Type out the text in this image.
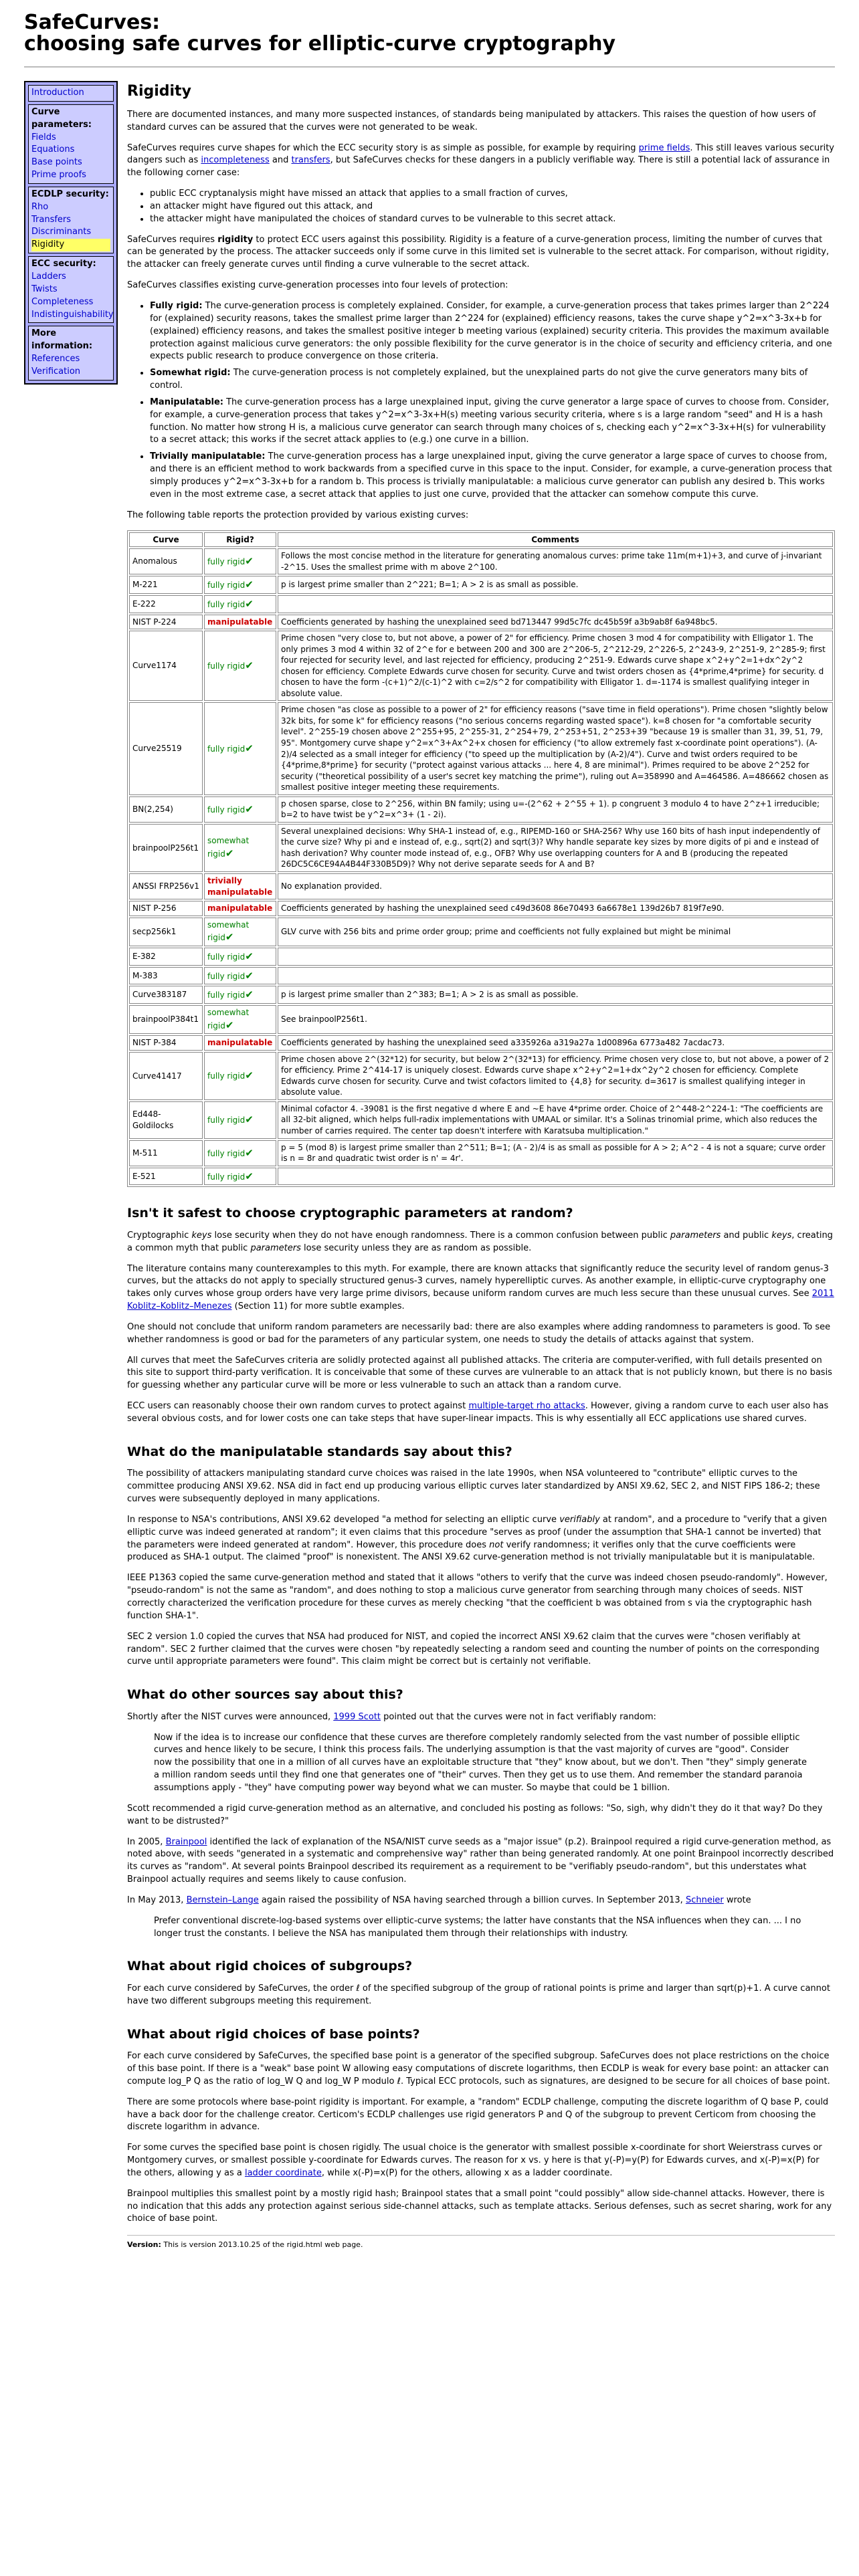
SafeCurves:
choosing safe curves for elliptic-curve cryptography
Introduction
Curve parameters:
Fields
Equations
Base points
Prime proofs
ECDLP security:
Rho
Transfers
Discriminants
Rigidity
ECC security:
Ladders
Twists
Completeness
Indistinguishability
More information:
References
Verification
Rigidity

There are documented instances, and many more suspected instances, of standards being manipulated by attackers. This raises the question of how users of standard curves can be assured that the curves were not generated to be weak.

SafeCurves requires curve shapes for which the ECC security story is as simple as possible, for example by requiring prime fields. This still leaves various security dangers such as incompleteness and transfers, but SafeCurves checks for these dangers in a publicly verifiable way. There is still a potential lack of assurance in the following corner case:

• public ECC cryptanalysis might have missed an attack that applies to a small fraction of curves,
• an attacker might have figured out this attack, and
• the attacker might have manipulated the choices of standard curves to be vulnerable to this secret attack.

SafeCurves requires rigidity to protect ECC users against this possibility. Rigidity is a feature of a curve-generation process, limiting the number of curves that can be generated by the process. The attacker succeeds only if some curve in this limited set is vulnerable to the secret attack. For comparison, without rigidity, the attacker can freely generate curves until finding a curve vulnerable to the secret attack.

SafeCurves classifies existing curve-generation processes into four levels of protection:

• Fully rigid: The curve-generation process is completely explained. Consider, for example, a curve-generation process that takes primes larger than 2^224 for (explained) security reasons, takes the smallest prime larger than 2^224 for (explained) efficiency reasons, takes the curve shape y^2=x^3-3x+b for (explained) efficiency reasons, and takes the smallest positive integer b meeting various (explained) security criteria. This provides the maximum available protection against malicious curve generators: the only possible flexibility for the curve generator is in the choice of security and efficiency criteria, and one expects public research to produce convergence on those criteria.
• Somewhat rigid: The curve-generation process is not completely explained, but the unexplained parts do not give the curve generators many bits of control.
• Manipulatable: The curve-generation process has a large unexplained input, giving the curve generator a large space of curves to choose from. Consider, for example, a curve-generation process that takes y^2=x^3-3x+H(s) meeting various security criteria, where s is a large random "seed" and H is a hash function. No matter how strong H is, a malicious curve generator can search through many choices of s, checking each y^2=x^3-3x+H(s) for vulnerability to a secret attack; this works if the secret attack applies to (e.g.) one curve in a billion.
• Trivially manipulatable: The curve-generation process has a large unexplained input, giving the curve generator a large space of curves to choose from, and there is an efficient method to work backwards from a specified curve in this space to the input. Consider, for example, a curve-generation process that simply produces y^2=x^3-3x+b for a random b. This process is trivially manipulatable: a malicious curve generator can publish any desired b. This works even in the most extreme case, a secret attack that applies to just one curve, provided that the attacker can somehow compute this curve.

The following table reports the protection provided by various existing curves:

Curve	Rigid?	Comments
Anomalous	fully rigid✔	Follows the most concise method in the literature for generating anomalous curves: prime take 11m(m+1)+3, and curve of j-invariant -2^15. Uses the smallest prime with m above 2^100.
M-221	fully rigid✔	p is largest prime smaller than 2^221; B=1; A > 2 is as small as possible.
E-222	fully rigid✔	
NIST P-224	manipulatable	Coefficients generated by hashing the unexplained seed bd713447 99d5c7fc dc45b59f a3b9ab8f 6a948bc5.
Curve1174	fully rigid✔	Prime chosen "very close to, but not above, a power of 2" for efficiency. Prime chosen 3 mod 4 for compatibility with Elligator 1. The only primes 3 mod 4 within 32 of 2^e for e between 200 and 300 are 2^206-5, 2^212-29, 2^226-5, 2^243-9, 2^251-9, 2^285-9; first four rejected for security level, and last rejected for efficiency, producing 2^251-9. Edwards curve shape x^2+y^2=1+dx^2y^2 chosen for efficiency. Complete Edwards curve chosen for security. Curve and twist orders chosen as {4*prime,4*prime} for security. d chosen to have the form -(c+1)^2/(c-1)^2 with c=2/s^2 for compatibility with Elligator 1. d=-1174 is smallest qualifying integer in absolute value.
Curve25519	fully rigid✔	Prime chosen "as close as possible to a power of 2" for efficiency reasons ("save time in field operations"). Prime chosen "slightly below 32k bits, for some k" for efficiency reasons ("no serious concerns regarding wasted space"). k=8 chosen for "a comfortable security level". 2^255-19 chosen above 2^255+95, 2^255-31, 2^254+79, 2^253+51, 2^253+39 "because 19 is smaller than 31, 39, 51, 79, 95". Montgomery curve shape y^2=x^3+Ax^2+x chosen for efficiency ("to allow extremely fast x-coordinate point operations"). (A-2)/4 selected as a small integer for efficiency ("to speed up the multiplication by (A-2)/4"). Curve and twist orders required to be {4*prime,8*prime} for security ("protect against various attacks ... here 4, 8 are minimal"). Primes required to be above 2^252 for security ("theoretical possibility of a user's secret key matching the prime"), ruling out A=358990 and A=464586. A=486662 chosen as smallest positive integer meeting these requirements.
BN(2,254)	fully rigid✔	p chosen sparse, close to 2^256, within BN family; using u=-(2^62 + 2^55 + 1). p congruent 3 modulo 4 to have 2^z+1 irreducible; b=2 to have twist be y^2=x^3+ (1 - 2i).
brainpoolP256t1	somewhat rigid✔	Several unexplained decisions: Why SHA-1 instead of, e.g., RIPEMD-160 or SHA-256? Why use 160 bits of hash input independently of the curve size? Why pi and e instead of, e.g., sqrt(2) and sqrt(3)? Why handle separate key sizes by more digits of pi and e instead of hash derivation? Why counter mode instead of, e.g., OFB? Why use overlapping counters for A and B (producing the repeated 26DC5C6CE94A4B44F330B5D9)? Why not derive separate seeds for A and B?
ANSSI FRP256v1	trivially manipulatable	No explanation provided.
NIST P-256	manipulatable	Coefficients generated by hashing the unexplained seed c49d3608 86e70493 6a6678e1 139d26b7 819f7e90.
secp256k1	somewhat rigid✔	GLV curve with 256 bits and prime order group; prime and coefficients not fully explained but might be minimal
E-382	fully rigid✔	
M-383	fully rigid✔	
Curve383187	fully rigid✔	p is largest prime smaller than 2^383; B=1; A > 2 is as small as possible.
brainpoolP384t1	somewhat rigid✔	See brainpoolP256t1.
NIST P-384	manipulatable	Coefficients generated by hashing the unexplained seed a335926a a319a27a 1d00896a 6773a482 7acdac73.
Curve41417	fully rigid✔	Prime chosen above 2^(32*12) for security, but below 2^(32*13) for efficiency. Prime chosen very close to, but not above, a power of 2 for efficiency. Prime 2^414-17 is uniquely closest. Edwards curve shape x^2+y^2=1+dx^2y^2 chosen for efficiency. Complete Edwards curve chosen for security. Curve and twist cofactors limited to {4,8} for security. d=3617 is smallest qualifying integer in absolute value.
Ed448-Goldilocks	fully rigid✔	Minimal cofactor 4. -39081 is the first negative d where E and ~E have 4*prime order. Choice of 2^448-2^224-1: "The coefficients are all 32-bit aligned, which helps full-radix implementations with UMAAL or similar. It's a Solinas trinomial prime, which also reduces the number of carries required. The center tap doesn't interfere with Karatsuba multiplication."
M-511	fully rigid✔	p = 5 (mod 8) is largest prime smaller than 2^511; B=1; (A - 2)/4 is as small as possible for A > 2; A^2 - 4 is not a square; curve order is n = 8r and quadratic twist order is n' = 4r'.
E-521	fully rigid✔	
Isn't it safest to choose cryptographic parameters at random?

Cryptographic keys lose security when they do not have enough randomness. There is a common confusion between public parameters and public keys, creating a common myth that public parameters lose security unless they are as random as possible.

The literature contains many counterexamples to this myth. For example, there are known attacks that significantly reduce the security level of random genus-3 curves, but the attacks do not apply to specially structured genus-3 curves, namely hyperelliptic curves. As another example, in elliptic-curve cryptography one takes only curves whose group orders have very large prime divisors, because uniform random curves are much less secure than these unusual curves. See 2011 Koblitz–Koblitz–Menezes (Section 11) for more subtle examples.

One should not conclude that uniform random parameters are necessarily bad: there are also examples where adding randomness to parameters is good. To see whether randomness is good or bad for the parameters of any particular system, one needs to study the details of attacks against that system.

All curves that meet the SafeCurves criteria are solidly protected against all published attacks. The criteria are computer-verified, with full details presented on this site to support third-party verification. It is conceivable that some of these curves are vulnerable to an attack that is not publicly known, but there is no basis for guessing whether any particular curve will be more or less vulnerable to such an attack than a random curve.

ECC users can reasonably choose their own random curves to protect against multiple-target rho attacks. However, giving a random curve to each user also has several obvious costs, and for lower costs one can take steps that have super-linear impacts. This is why essentially all ECC applications use shared curves.

What do the manipulatable standards say about this?

The possibility of attackers manipulating standard curve choices was raised in the late 1990s, when NSA volunteered to "contribute" elliptic curves to the committee producing ANSI X9.62. NSA did in fact end up producing various elliptic curves later standardized by ANSI X9.62, SEC 2, and NIST FIPS 186-2; these curves were subsequently deployed in many applications.

In response to NSA's contributions, ANSI X9.62 developed "a method for selecting an elliptic curve verifiably at random", and a procedure to "verify that a given elliptic curve was indeed generated at random"; it even claims that this procedure "serves as proof (under the assumption that SHA-1 cannot be inverted) that the parameters were indeed generated at random". However, this procedure does not verify randomness; it verifies only that the curve coefficients were produced as SHA-1 output. The claimed "proof" is nonexistent. The ANSI X9.62 curve-generation method is not trivially manipulatable but it is manipulatable.

IEEE P1363 copied the same curve-generation method and stated that it allows "others to verify that the curve was indeed chosen pseudo-randomly". However, "pseudo-random" is not the same as "random", and does nothing to stop a malicious curve generator from searching through many choices of seeds. NIST correctly characterized the verification procedure for these curves as merely checking "that the coefficient b was obtained from s via the cryptographic hash function SHA-1".

SEC 2 version 1.0 copied the curves that NSA had produced for NIST, and copied the incorrect ANSI X9.62 claim that the curves were "chosen verifiably at random". SEC 2 further claimed that the curves were chosen "by repeatedly selecting a random seed and counting the number of points on the corresponding curve until appropriate parameters were found". This claim might be correct but is certainly not verifiable.

What do other sources say about this?

Shortly after the NIST curves were announced, 1999 Scott pointed out that the curves were not in fact verifiably random:

Now if the idea is to increase our confidence that these curves are therefore completely randomly selected from the vast number of possible elliptic curves and hence likely to be secure, I think this process fails. The underlying assumption is that the vast majority of curves are "good". Consider now the possibility that one in a million of all curves have an exploitable structure that "they" know about, but we don't. Then "they" simply generate a million random seeds until they find one that generates one of "their" curves. Then they get us to use them. And remember the standard paranoia assumptions apply - "they" have computing power way beyond what we can muster. So maybe that could be 1 billion.

Scott recommended a rigid curve-generation method as an alternative, and concluded his posting as follows: "So, sigh, why didn't they do it that way? Do they want to be distrusted?"

In 2005, Brainpool identified the lack of explanation of the NSA/NIST curve seeds as a "major issue" (p.2). Brainpool required a rigid curve-generation method, as noted above, with seeds "generated in a systematic and comprehensive way" rather than being generated randomly. At one point Brainpool incorrectly described its curves as "random". At several points Brainpool described its requirement as a requirement to be "verifiably pseudo-random", but this understates what Brainpool actually requires and seems likely to cause confusion.

In May 2013, Bernstein–Lange again raised the possibility of NSA having searched through a billion curves. In September 2013, Schneier wrote

Prefer conventional discrete-log-based systems over elliptic-curve systems; the latter have constants that the NSA influences when they can. ... I no longer trust the constants. I believe the NSA has manipulated them through their relationships with industry.
What about rigid choices of subgroups?

For each curve considered by SafeCurves, the order ℓ of the specified subgroup of the group of rational points is prime and larger than sqrt(p)+1. A curve cannot have two different subgroups meeting this requirement.

What about rigid choices of base points?

For each curve considered by SafeCurves, the specified base point is a generator of the specified subgroup. SafeCurves does not place restrictions on the choice of this base point. If there is a "weak" base point W allowing easy computations of discrete logarithms, then ECDLP is weak for every base point: an attacker can compute log_P Q as the ratio of log_W Q and log_W P modulo ℓ. Typical ECC protocols, such as signatures, are designed to be secure for all choices of base point.

There are some protocols where base-point rigidity is important. For example, a "random" ECDLP challenge, computing the discrete logarithm of Q base P, could have a back door for the challenge creator. Certicom's ECDLP challenges use rigid generators P and Q of the subgroup to prevent Certicom from choosing the discrete logarithm in advance.

For some curves the specified base point is chosen rigidly. The usual choice is the generator with smallest possible x-coordinate for short Weierstrass curves or Montgomery curves, or smallest possible y-coordinate for Edwards curves. The reason for x vs. y here is that y(-P)=y(P) for Edwards curves, and x(-P)=x(P) for the others, allowing y as a ladder coordinate, while x(-P)=x(P) for the others, allowing x as a ladder coordinate.

Brainpool multiplies this smallest point by a mostly rigid hash; Brainpool states that a small point "could possibly" allow side-channel attacks. However, there is no indication that this adds any protection against serious side-channel attacks, such as template attacks. Serious defenses, such as secret sharing, work for any choice of base point.

Version: This is version 2013.10.25 of the rigid.html web page.
